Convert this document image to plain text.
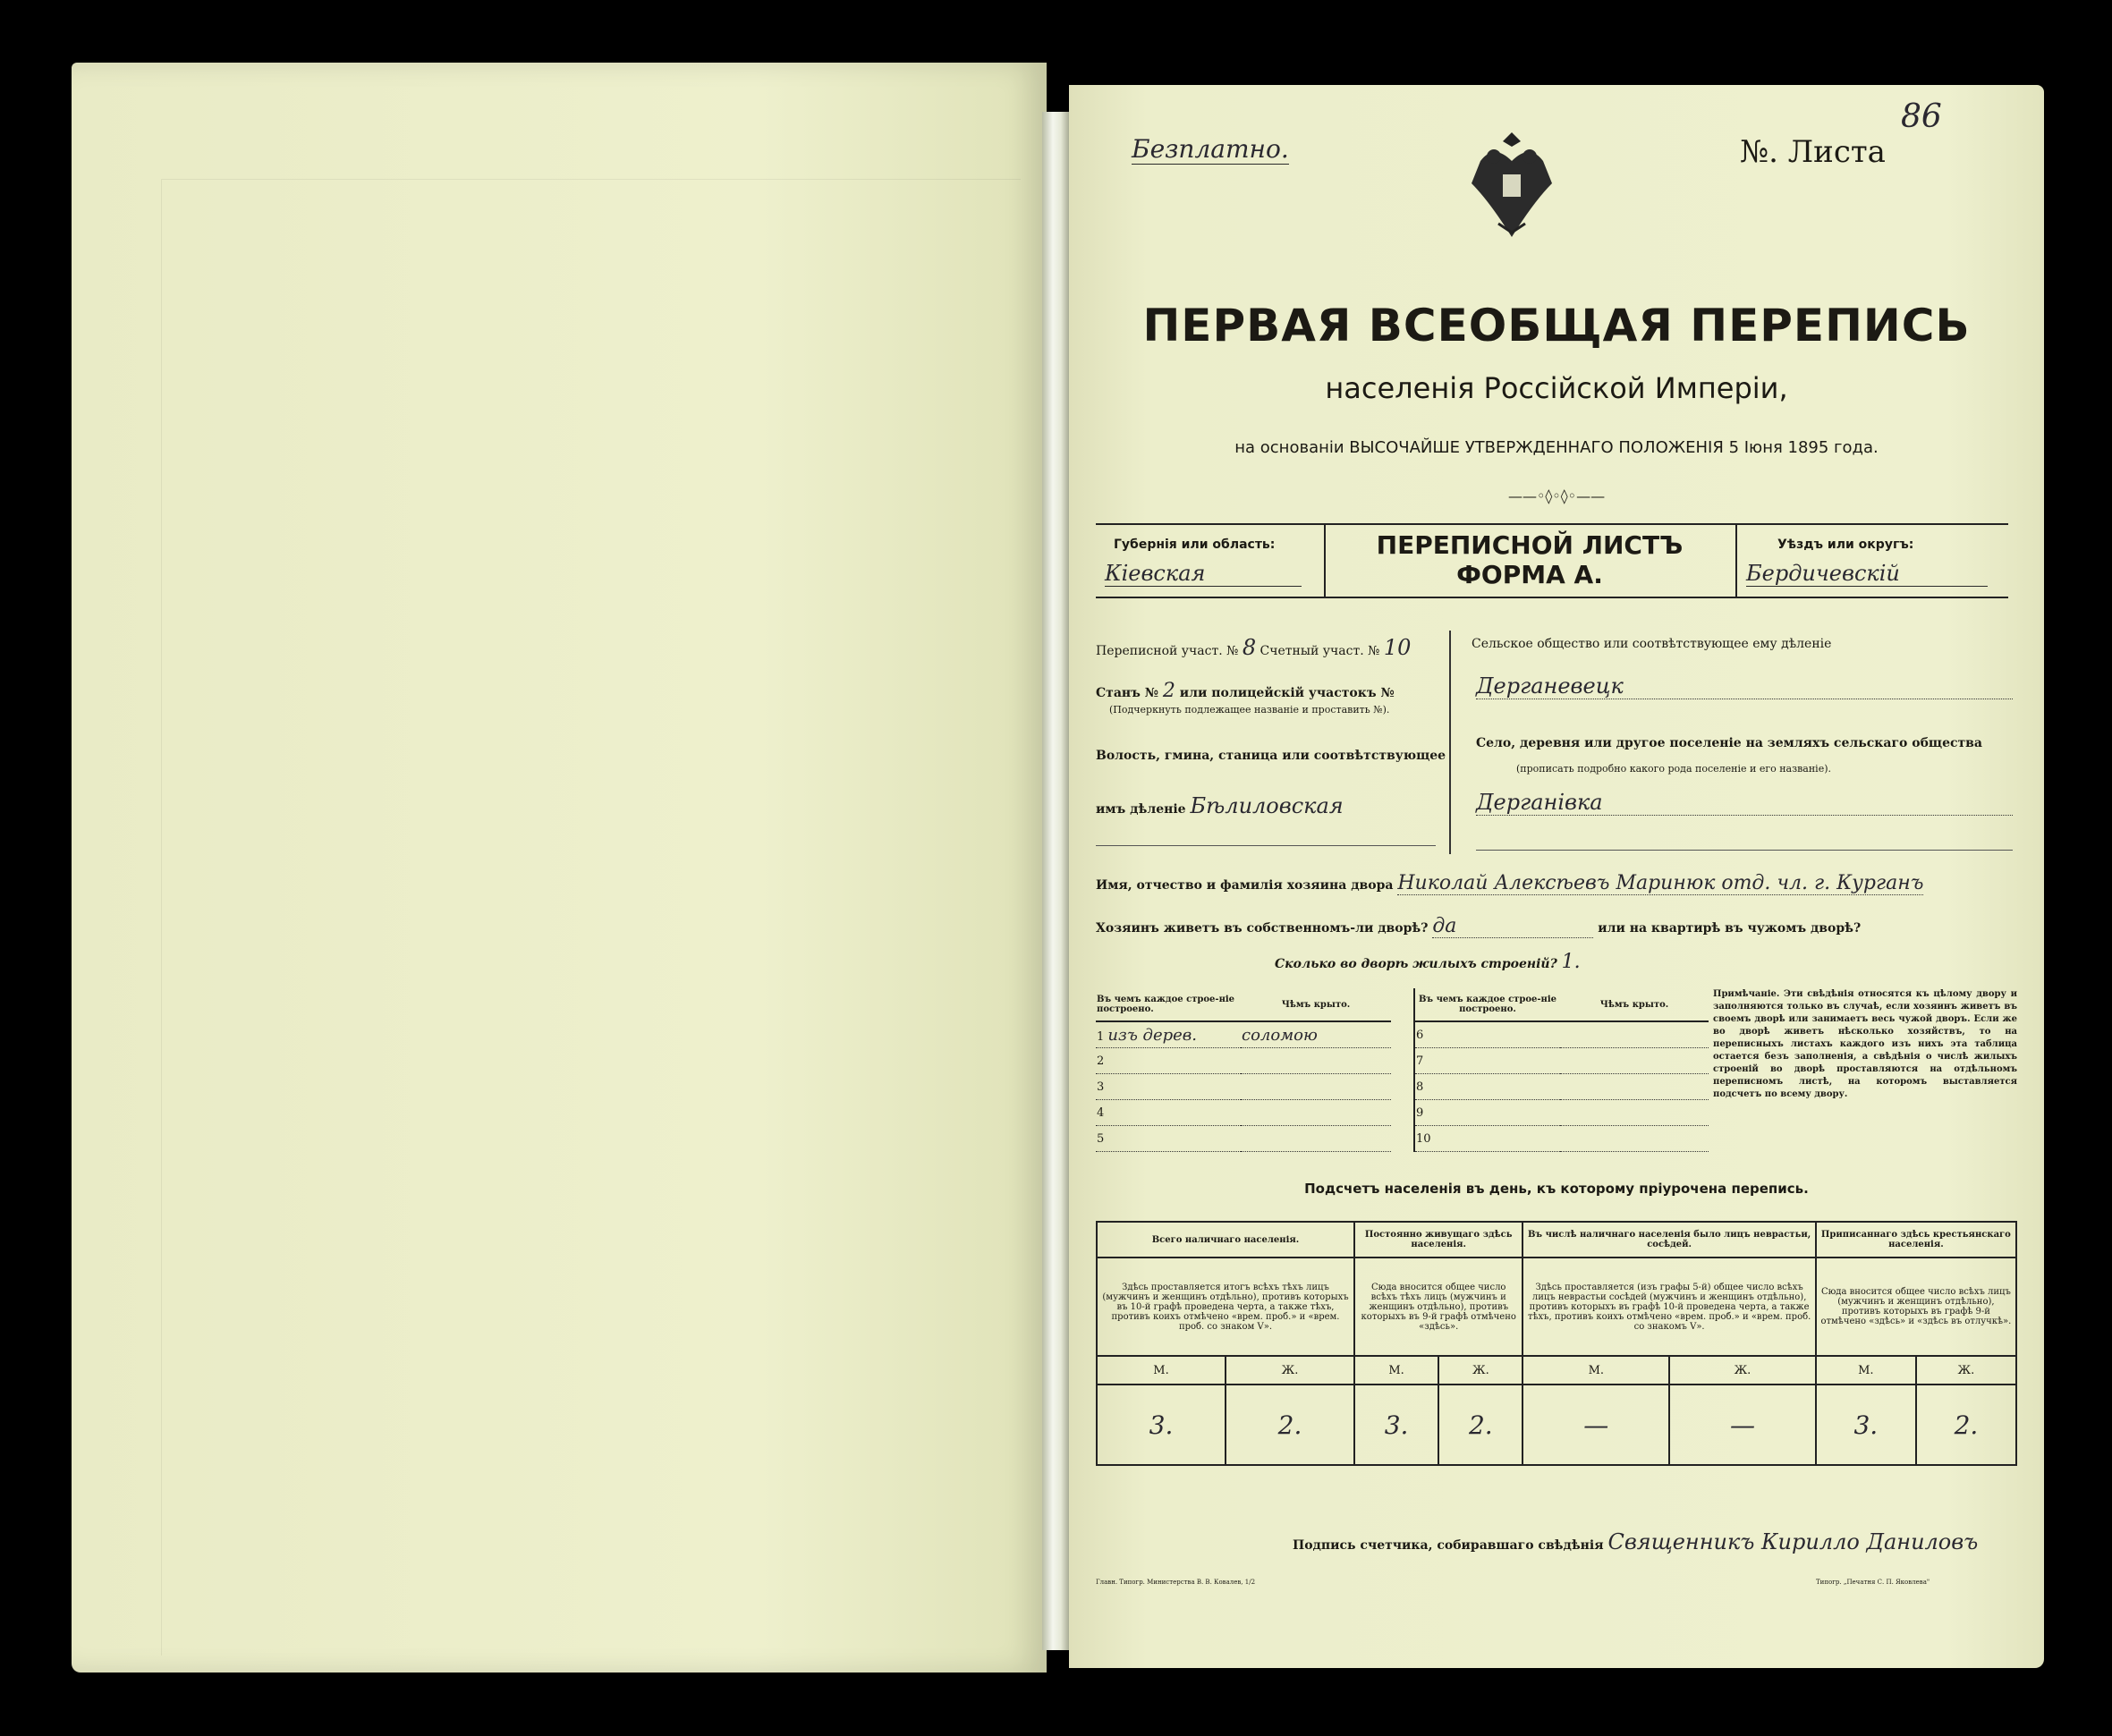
Безплатно.	№. Листа
86
ПЕРВАЯ ВСЕОБЩАЯ ПЕРЕПИСЬ
населенія Россійской Имперіи,
на основаніи ВЫСОЧАЙШЕ УТВЕРЖДЕННАГО ПОЛОЖЕНІЯ 5 Іюня 1895 года.
——◦◊◦◊◦——
Губернія или область:
Кіевская
ПЕРЕПИСНОЙ ЛИСТЪ
ФОРМА А.
Уѣздъ или округъ:
Бердичевскій
Переписной участ. № 8 Счетный участ. № 10
Станъ № 2 или полицейскій участокъ №
(Подчеркнуть подлежащее названіе и проставить №).
Волость, гмина, станица или соотвѣтствующее
имъ дѣленіе Бѣлиловская
Сельское общество или соотвѣтствующее ему дѣленіе
Дерганевецк
Село, деревня или другое поселеніе на земляхъ сельскаго общества
(прописать подробно какого рода поселеніе и его названіе).
Дерганівка
Имя, отчество и фамилія хозяина двора Николай Алексѣевъ Маринюк отд. чл. г. Курганъ
Хозяинъ живетъ въ собственномъ-ли дворѣ? да	или на квартирѣ въ чужомъ дворѣ?
Сколько во дворѣ жилыхъ строеній? 1.
Въ чемъ каждое строе-ніе построено.	Чѣмъ крыто.
1 изъ дерев.	соломою
2	
3	
4	
5	
Въ чемъ каждое строе-ніе построено.	Чѣмъ крыто.
6	
7	
8	
9	
10	
Примѣчаніе. Эти свѣдѣнія относятся къ цѣлому двору и заполняются только въ случаѣ, если хозяинъ живетъ въ своемъ дворѣ или занимаетъ весь чужой дворъ. Если же во дворѣ живетъ нѣсколько хозяйствъ, то на переписныхъ листахъ каждого изъ нихъ эта таблица остается безъ заполненія, а свѣдѣнія о числѣ жилыхъ строеній во дворѣ проставляются на отдѣльномъ переписномъ листѣ, на которомъ выставляется подсчетъ по всему двору.
Подсчетъ населенія въ день, къ которому пріурочена перепись.
Всего наличнаго населенія.		Постоянно живущаго здѣсь населенія.		Въ числѣ наличнаго населенія было лицъ неврастьи, сосѣдей.		Приписаннаго здѣсь крестьянскаго населенія.	
Здѣсь проставляется итогъ всѣхъ тѣхъ лицъ (мужчинъ и женщинъ отдѣльно), противъ которыхъ въ 10-й графѣ проведена черта, а также тѣхъ, противъ коихъ отмѣчено «врем. проб.» и «врем. проб. со знаком V».		Сюда вносится общее число всѣхъ тѣхъ лицъ (мужчинъ и женщинъ отдѣльно), противъ которыхъ въ 9-й графѣ отмѣчено «здѣсь».		Здѣсь проставляется (изъ графы 5-й) общее число всѣхъ лицъ неврастьи сосѣдей (мужчинъ и женщинъ отдѣльно), противъ которыхъ въ графѣ 10-й проведена черта, а также тѣхъ, противъ коихъ отмѣчено «врем. проб.» и «врем. проб. со знакомъ V».		Сюда вносится общее число всѣхъ лицъ (мужчинъ и женщинъ отдѣльно), противъ которыхъ въ графѣ 9-й отмѣчено «здѣсь» и «здѣсь въ отлучкѣ».	
М.	Ж.	М.	Ж.	М.	Ж.	М.	Ж.
3.	2.	3.	2.	—	—	3.	2.
Подпись счетчика, собиравшаго свѣдѣнія Священникъ Кирилло Даниловъ
Главн. Типогр. Министерства В. В. Ковалев, 1/2	Типогр. „Печатня С. П. Яковлева"
